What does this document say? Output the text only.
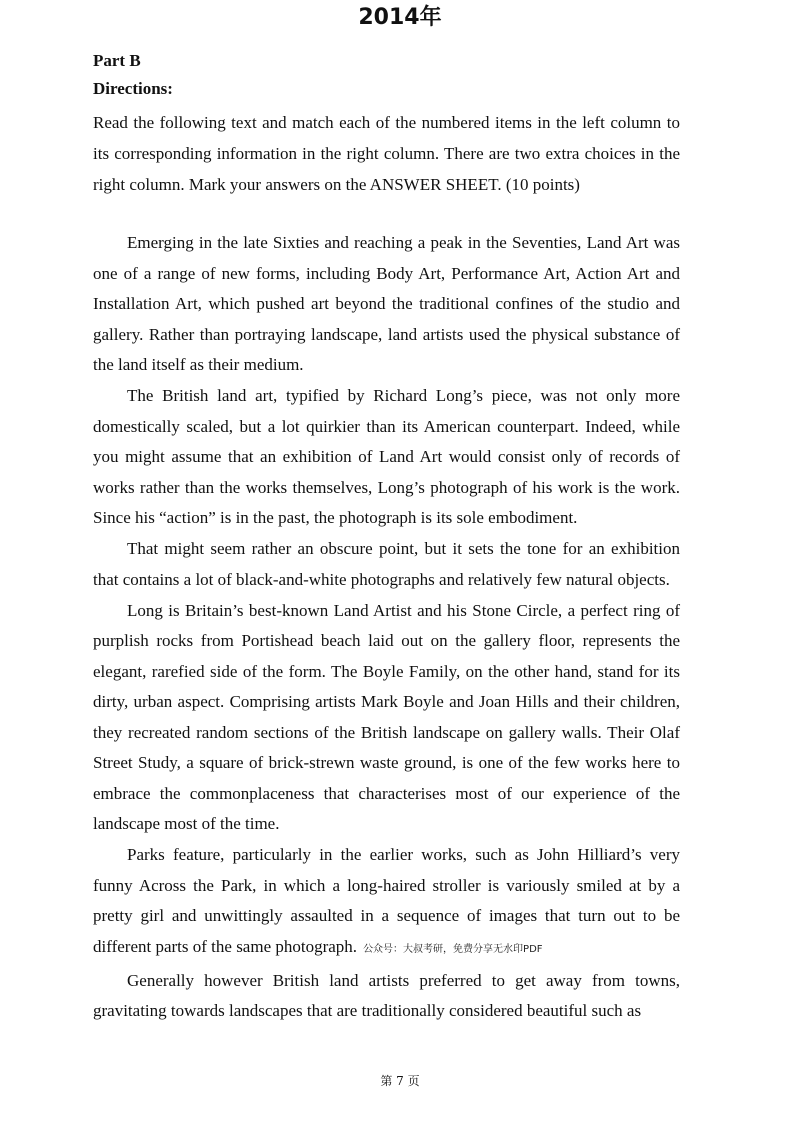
2014年
Part B
Directions:
Read the following text and match each of the numbered items in the left column to its corresponding information in the right column. There are two extra choices in the right column. Mark your answers on the ANSWER SHEET. (10 points)

Emerging in the late Sixties and reaching a peak in the Seventies, Land Art was one of a range of new forms, including Body Art, Performance Art, Action Art and Installation Art, which pushed art beyond the traditional confines of the studio and gallery. Rather than portraying landscape, land artists used the physical substance of the land itself as their medium.

The British land art, typified by Richard Long’s piece, was not only more domestically scaled, but a lot quirkier than its American counterpart. Indeed, while you might assume that an exhibition of Land Art would consist only of records of works rather than the works themselves, Long’s photograph of his work is the work. Since his “action” is in the past, the photograph is its sole embodiment.

That might seem rather an obscure point, but it sets the tone for an exhibition that contains a lot of black-and-white photographs and relatively few natural objects.

Long is Britain’s best-known Land Artist and his Stone Circle, a perfect ring of purplish rocks from Portishead beach laid out on the gallery floor, represents the elegant, rarefied side of the form. The Boyle Family, on the other hand, stand for its dirty, urban aspect. Comprising artists Mark Boyle and Joan Hills and their children, they recreated random sections of the British landscape on gallery walls. Their Olaf Street Study, a square of brick-strewn waste ground, is one of the few works here to embrace the commonplaceness that characterises most of our experience of the landscape most of the time.

Parks feature, particularly in the earlier works, such as John Hilliard’s very funny Across the Park, in which a long-haired stroller is variously smiled at by a pretty girl and unwittingly assaulted in a sequence of images that turn out to be different parts of the same photograph. 公众号：大叔考研，免费分享无水印PDF

Generally however British land artists preferred to get away from towns, gravitating towards landscapes that are traditionally considered beautiful such as

第 7 页
